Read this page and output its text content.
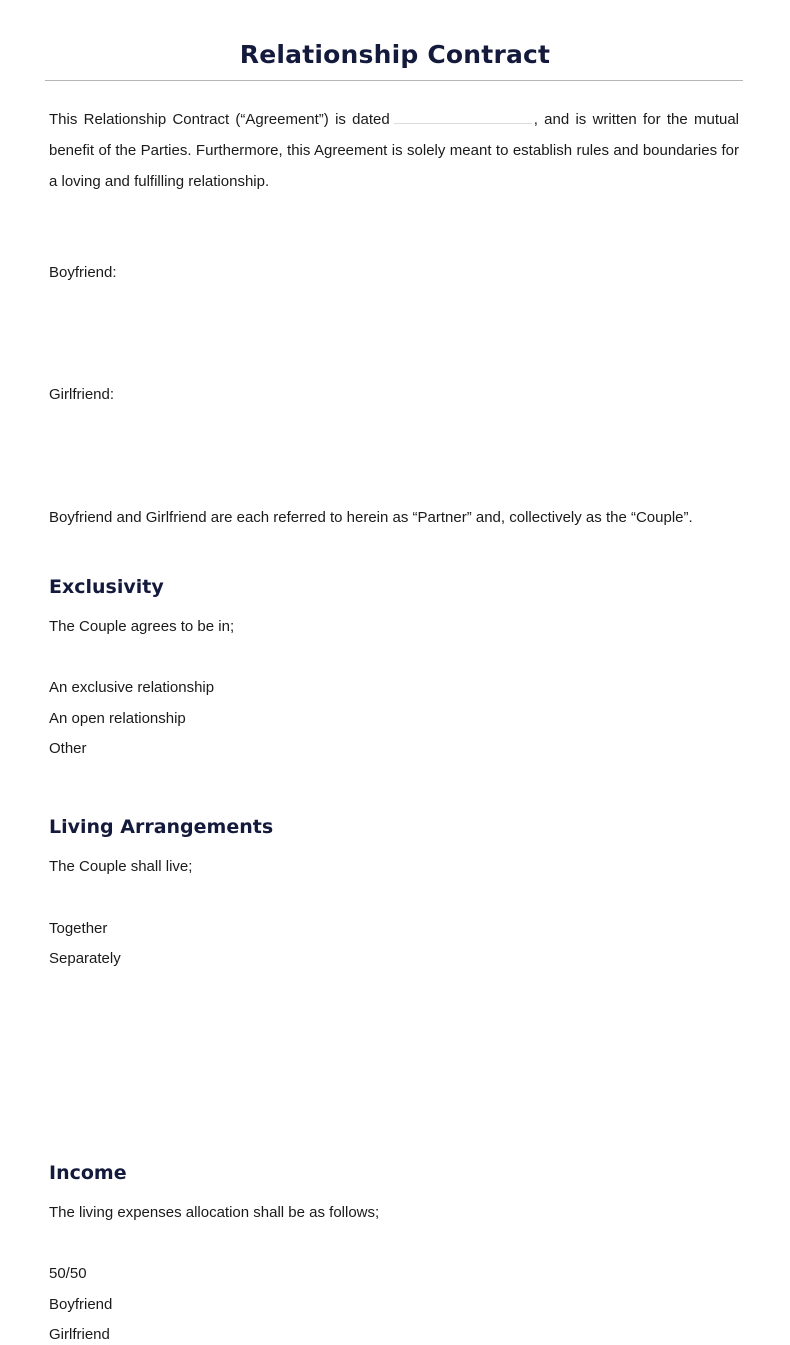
Relationship Contract
This Relationship Contract (“Agreement”) is dated	, and is written for the mutual benefit of the Parties. Furthermore, this Agreement is solely meant to establish rules and boundaries for a loving and fulfilling relationship.
Boyfriend:
Girlfriend:
Boyfriend and Girlfriend are each referred to herein as “Partner” and, collectively as the “Couple”.
Exclusivity
The Couple agrees to be in;
An exclusive relationship
An open relationship
Other
Living Arrangements
The Couple shall live;
Together
Separately
Income
The living expenses allocation shall be as follows;
50/50
Boyfriend
Girlfriend
